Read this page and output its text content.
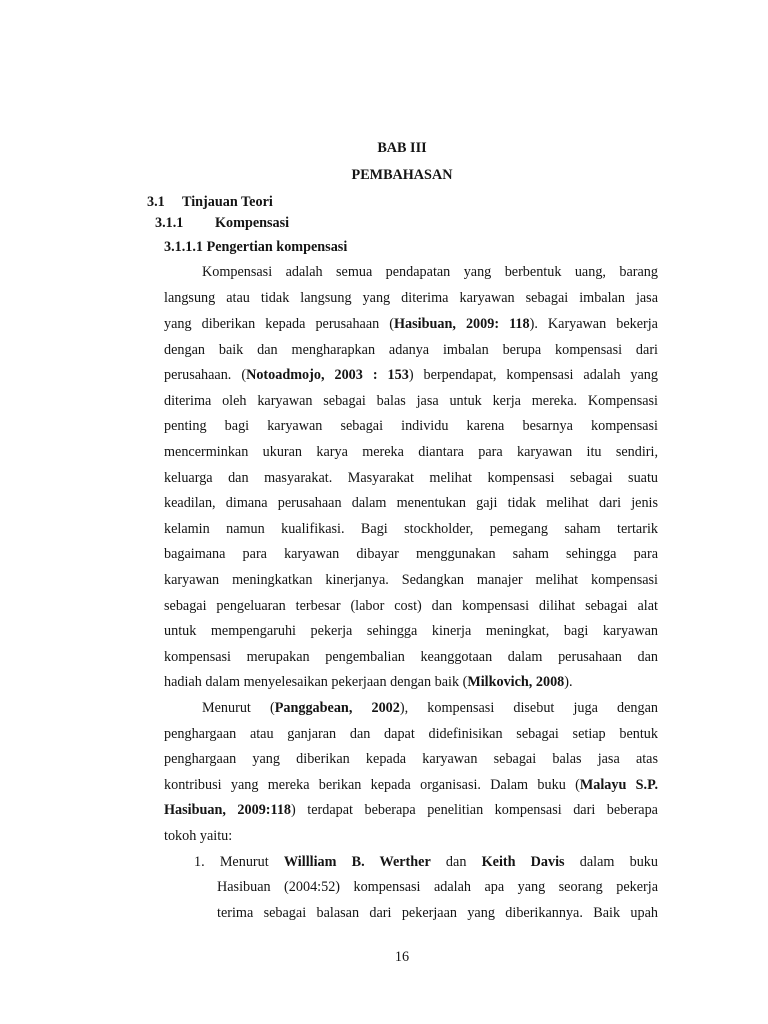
BAB III
PEMBAHASAN
3.1 Tinjauan Teori
3.1.1 Kompensasi
3.1.1.1 Pengertian kompensasi
Kompensasi adalah semua pendapatan yang berbentuk uang, barang
langsung atau tidak langsung yang diterima karyawan sebagai imbalan jasa
yang diberikan kepada perusahaan (Hasibuan, 2009: 118). Karyawan bekerja
dengan baik dan mengharapkan adanya imbalan berupa kompensasi dari
perusahaan. (Notoadmojo, 2003 : 153) berpendapat, kompensasi adalah yang
diterima oleh karyawan sebagai balas jasa untuk kerja mereka. Kompensasi
penting bagi karyawan sebagai individu karena besarnya kompensasi
mencerminkan ukuran karya mereka diantara para karyawan itu sendiri,
keluarga dan masyarakat. Masyarakat melihat kompensasi sebagai suatu
keadilan, dimana perusahaan dalam menentukan gaji tidak melihat dari jenis
kelamin namun kualifikasi. Bagi stockholder, pemegang saham tertarik
bagaimana para karyawan dibayar menggunakan saham sehingga para
karyawan meningkatkan kinerjanya. Sedangkan manajer melihat kompensasi
sebagai pengeluaran terbesar (labor cost) dan kompensasi dilihat sebagai alat
untuk mempengaruhi pekerja sehingga kinerja meningkat, bagi karyawan
kompensasi merupakan pengembalian keanggotaan dalam perusahaan dan
hadiah dalam menyelesaikan pekerjaan dengan baik (Milkovich, 2008).
Menurut (Panggabean, 2002), kompensasi disebut juga dengan
penghargaan atau ganjaran dan dapat didefinisikan sebagai setiap bentuk
penghargaan yang diberikan kepada karyawan sebagai balas jasa atas
kontribusi yang mereka berikan kepada organisasi. Dalam buku (Malayu S.P.
Hasibuan, 2009:118) terdapat beberapa penelitian kompensasi dari beberapa
tokoh yaitu:
1. Menurut Willliam B. Werther dan Keith Davis dalam buku
Hasibuan (2004:52) kompensasi adalah apa yang seorang pekerja
terima sebagai balasan dari pekerjaan yang diberikannya. Baik upah
16
